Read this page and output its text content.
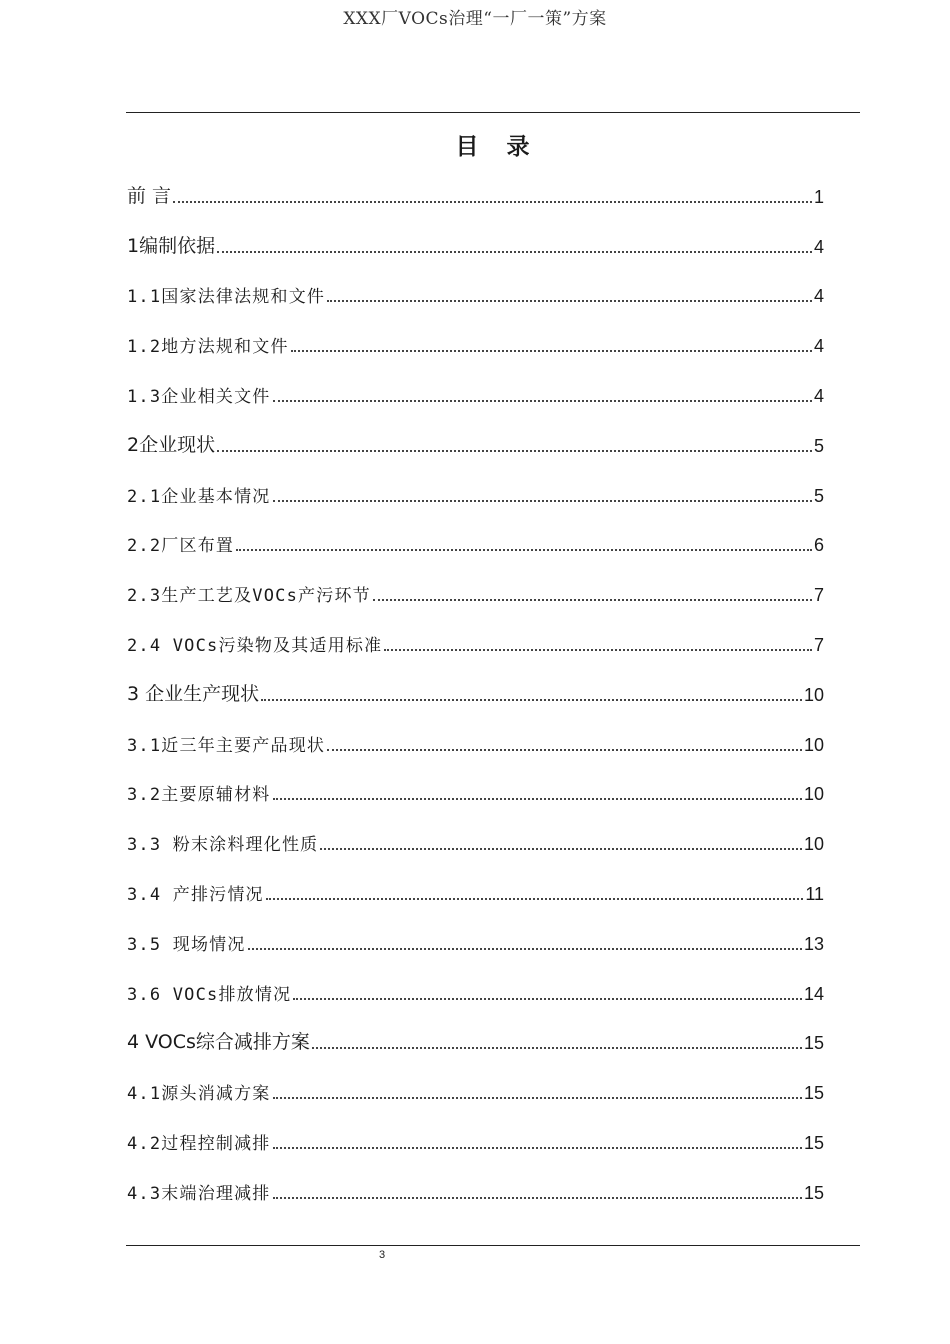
XXX厂VOCs治理“一厂一策”方案
目 录
前 言	1
1编制依据	4
1.1国家法律法规和文件	4
1.2地方法规和文件	4
1.3企业相关文件	4
2企业现状	5
2.1企业基本情况	5
2.2厂区布置	6
2.3生产工艺及VOCs产污环节	7
2.4 VOCs污染物及其适用标准	7
3 企业生产现状	10
3.1近三年主要产品现状	10
3.2主要原辅材料	10
3.3 粉末涂料理化性质	10
3.4 产排污情况	11
3.5 现场情况	13
3.6 VOCs排放情况	14
4 VOCs综合减排方案	15
4.1源头消减方案	15
4.2过程控制减排	15
4.3末端治理减排	15
3
